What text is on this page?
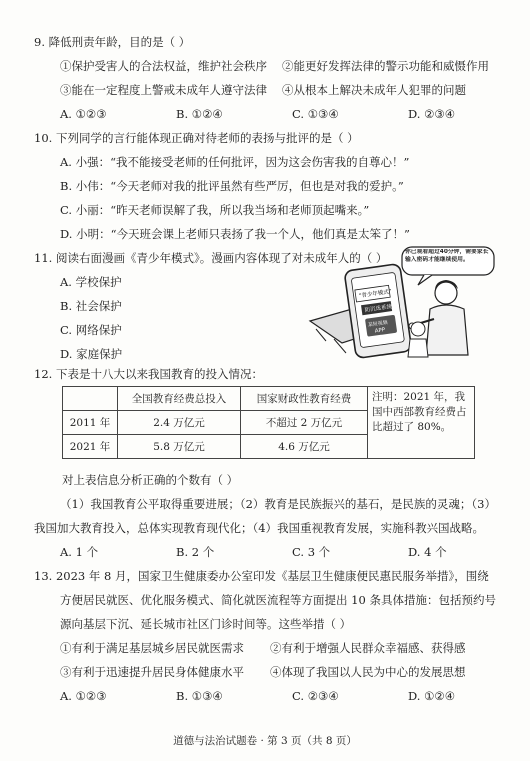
9. 降低刑责年龄，目的是（ ）
①保护受害人的合法权益，维护社会秩序 ②能更好发挥法律的警示功能和威慑作用
③能在一定程度上警戒未成年人遵守法律 ④从根本上解决未成年人犯罪的问题
A. ①②③	B. ①②④	C. ①③④	D. ②③④
10. 下列同学的言行能体现正确对待老师的表扬与批评的是（ ）
A. 小强：“我不能接受老师的任何批评，因为这会伤害我的自尊心！”
B. 小伟：“今天老师对我的批评虽然有些严厉，但也是对我的爱护。”
C. 小丽：“昨天老师误解了我，所以我当场和老师顶起嘴来。”
D. 小明：“今天班会课上老师只表扬了我一个人，他们真是太笨了！”
11. 阅读右面漫画《青少年模式》。漫画内容体现了对未成年人的（ ）
A. 学校保护
B. 社会保护
C. 网络保护
D. 家庭保护
你已观看超过40分钟，需要家长输入密码才能继续使用。
“青少年模式”
防沉迷系统
某短视频
APP
12. 下表是十八大以来我国教育的投入情况：
	全国教育经费总投入	国家财政性教育经费	注明：2021 年，我国中西部教育经费占比超过了 80%。
2011 年	2.4 万亿元	不超过 2 万亿元	
2021 年	5.8 万亿元	4.6 万亿元	
对上表信息分析正确的个数有（ ）
（1）我国教育公平取得重要进展；（2）教育是民族振兴的基石，是民族的灵魂；（3）
我国加大教育投入，总体实现教育现代化；（4）我国重视教育发展，实施科教兴国战略。
A. 1 个	B. 2 个	C. 3 个	D. 4 个
13. 2023 年 8 月，国家卫生健康委办公室印发《基层卫生健康便民惠民服务举措》，围绕
方便居民就医、优化服务模式、简化就医流程等方面提出 10 条具体措施：包括预约号
源向基层下沉、延长城市社区门诊时间等。这些举措（ ）
①有利于满足基层城乡居民就医需求 ②有利于增强人民群众幸福感、获得感
③有利于迅速提升居民身体健康水平 ④体现了我国以人民为中心的发展思想
A. ①②③	B. ①③④	C. ②③④	D. ①②④
道德与法治试题卷 · 第 3 页（共 8 页）
